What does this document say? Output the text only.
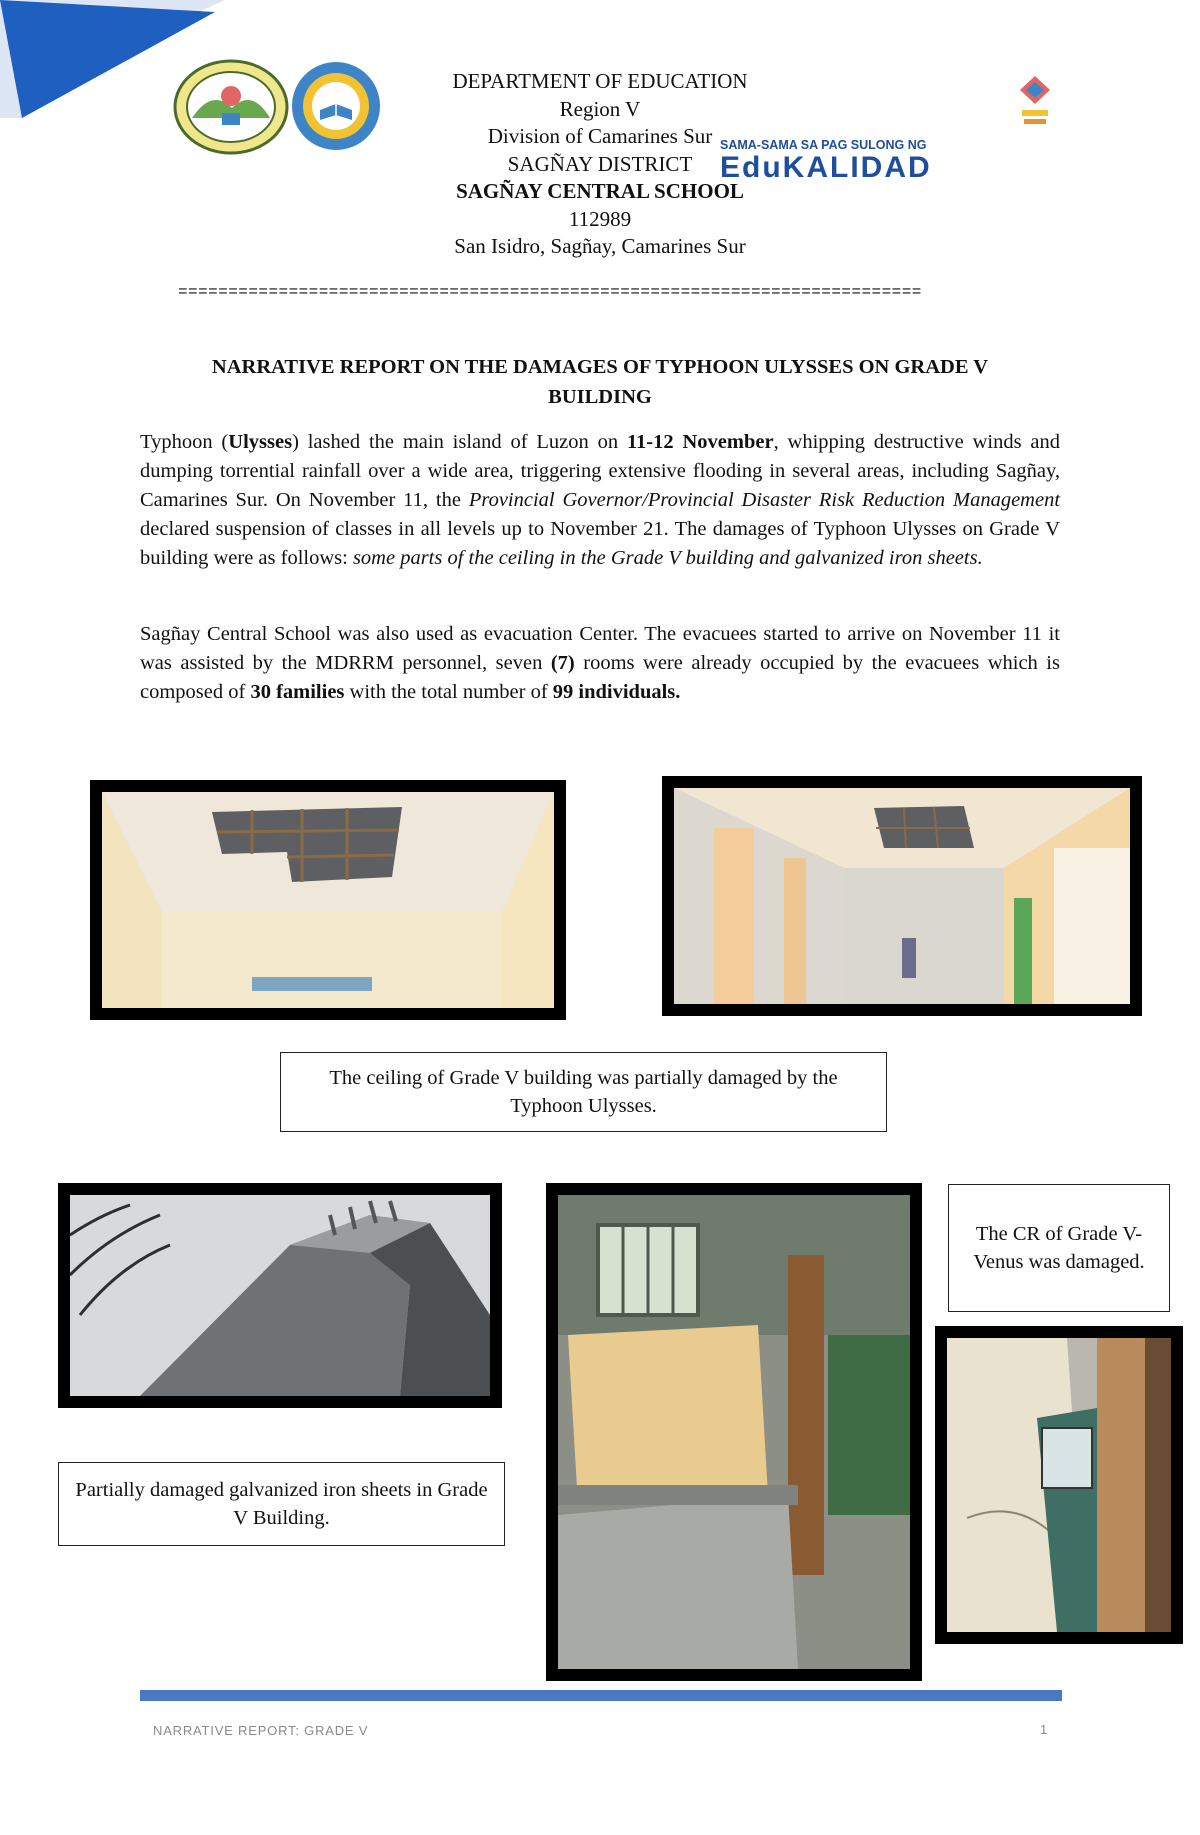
SAMA-SAMA SA PAG SULONG NG
EduKALIDAD
DEPARTMENT OF EDUCATION
Region V
Division of Camarines Sur
SAGÑAY DISTRICT
SAGÑAY CENTRAL SCHOOL
112989
San Isidro, Sagñay, Camarines Sur
==========================================================================
NARRATIVE REPORT ON THE DAMAGES OF TYPHOON ULYSSES ON GRADE V
BUILDING
Typhoon (Ulysses) lashed the main island of Luzon on 11-12 November, whipping destructive winds and dumping torrential rainfall over a wide area, triggering extensive flooding in several areas, including Sagñay, Camarines Sur. On November 11, the Provincial Governor/Provincial Disaster Risk Reduction Management declared suspension of classes in all levels up to November 21. The damages of Typhoon Ulysses on Grade V building were as follows: some parts of the ceiling in the Grade V building and galvanized iron sheets.
Sagñay Central School was also used as evacuation Center. The evacuees started to arrive on November 11 it was assisted by the MDRRM personnel, seven (7) rooms were already occupied by the evacuees which is composed of 30 families with the total number of 99 individuals.
The ceiling of Grade V building was partially damaged by the Typhoon Ulysses.
The CR of Grade V-Venus was damaged.
Partially damaged galvanized iron sheets in Grade V Building.
NARRATIVE REPORT: GRADE V	1
